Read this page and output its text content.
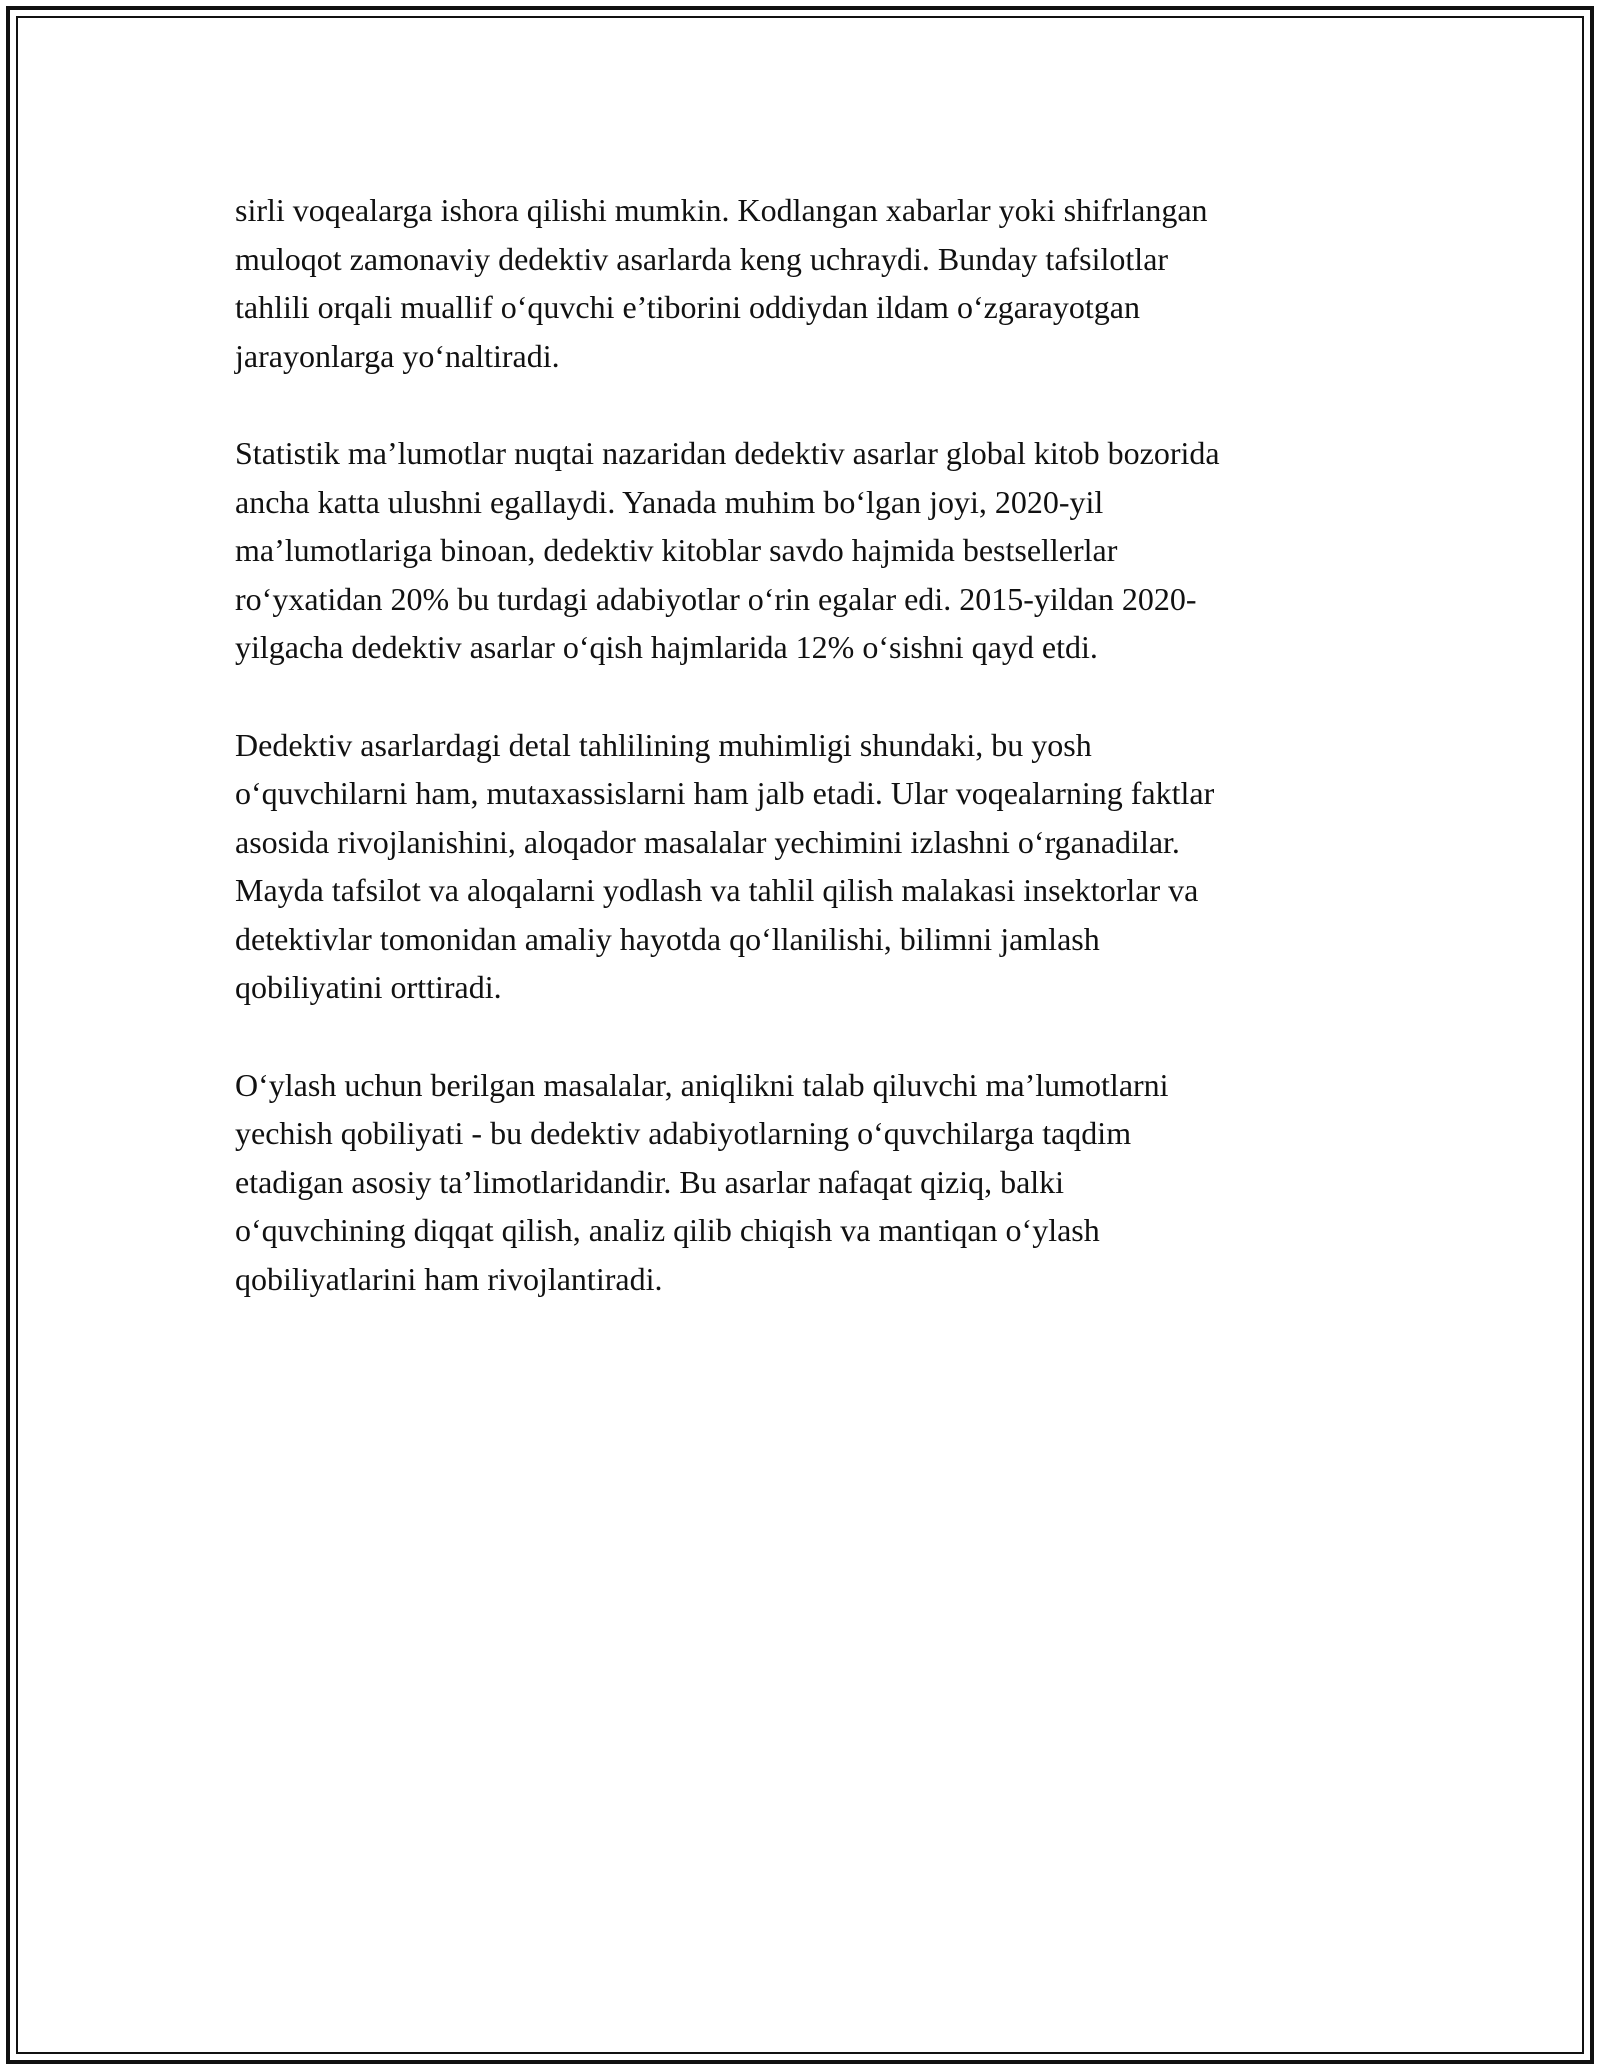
sirli voqealarga ishora qilishi mumkin. Kodlangan xabarlar yoki shifrlangan
muloqot zamonaviy dedektiv asarlarda keng uchraydi. Bunday tafsilotlar
tahlili orqali muallif o‘quvchi e’tiborini oddiydan ildam o‘zgarayotgan
jarayonlarga yo‘naltiradi.

Statistik ma’lumotlar nuqtai nazaridan dedektiv asarlar global kitob bozorida
ancha katta ulushni egallaydi. Yanada muhim bo‘lgan joyi, 2020-yil
ma’lumotlariga binoan, dedektiv kitoblar savdo hajmida bestsellerlar
ro‘yxatidan 20% bu turdagi adabiyotlar o‘rin egalar edi. 2015-yildan 2020-
yilgacha dedektiv asarlar o‘qish hajmlarida 12% o‘sishni qayd etdi.

Dedektiv asarlardagi detal tahlilining muhimligi shundaki, bu yosh
o‘quvchilarni ham, mutaxassislarni ham jalb etadi. Ular voqealarning faktlar
asosida rivojlanishini, aloqador masalalar yechimini izlashni o‘rganadilar.
Mayda tafsilot va aloqalarni yodlash va tahlil qilish malakasi insektorlar va
detektivlar tomonidan amaliy hayotda qo‘llanilishi, bilimni jamlash
qobiliyatini orttiradi.

O‘ylash uchun berilgan masalalar, aniqlikni talab qiluvchi ma’lumotlarni
yechish qobiliyati - bu dedektiv adabiyotlarning o‘quvchilarga taqdim
etadigan asosiy ta’limotlaridandir. Bu asarlar nafaqat qiziq, balki
o‘quvchining diqqat qilish, analiz qilib chiqish va mantiqan o‘ylash
qobiliyatlarini ham rivojlantiradi.
